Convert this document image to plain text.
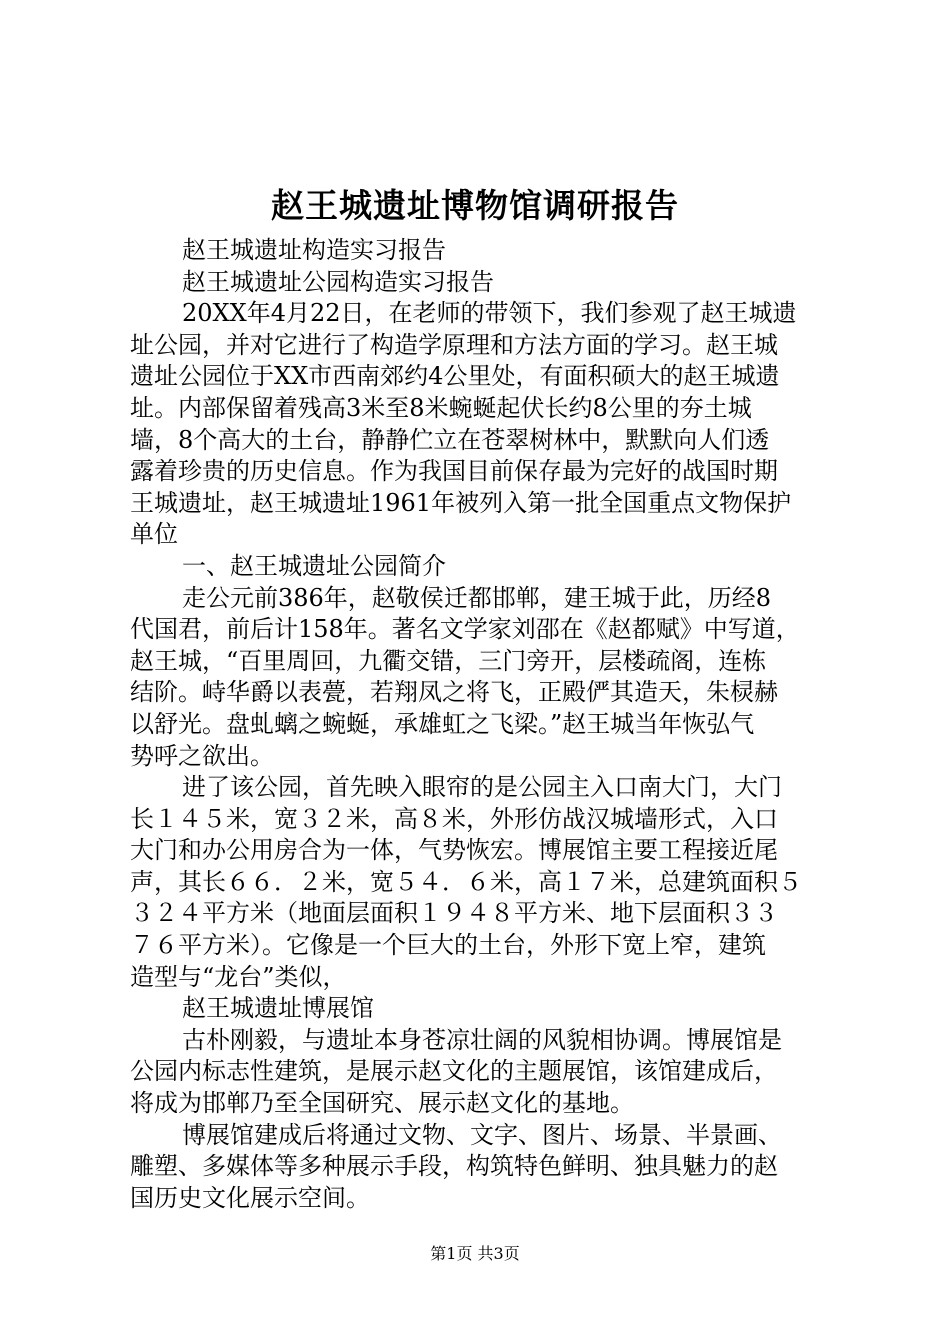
赵王城遗址博物馆调研报告
赵王城遗址构造实习报告
赵王城遗址公园构造实习报告
20XX年4月22日，在老师的带领下，我们参观了赵王城遗
址公园，并对它进行了构造学原理和方法方面的学习。赵王城
遗址公园位于XX市西南郊约4公里处，有面积硕大的赵王城遗
址。内部保留着残高3米至8米蜿蜒起伏长约8公里的夯土城
墙，8个高大的土台，静静伫立在苍翠树林中，默默向人们透
露着珍贵的历史信息。作为我国目前保存最为完好的战国时期
王城遗址，赵王城遗址1961年被列入第一批全国重点文物保护
单位
一、赵王城遗址公园简介
走公元前386年，赵敬侯迁都邯郸，建王城于此，历经8
代国君，前后计158年。著名文学家刘邵在《赵都赋》中写道，
赵王城，“百里周回，九衢交错，三门旁开，层楼疏阁，连栋
结阶。峙华爵以表甍，若翔凤之将飞，正殿俨其造天，朱棂赫
以舒光。盘虬螭之蜿蜒，承雄虹之飞梁。”赵王城当年恢弘气
势呼之欲出。
进了该公园，首先映入眼帘的是公园主入口南大门，大门
长１４５米，宽３２米，高８米，外形仿战汉城墙形式，入口
大门和办公用房合为一体，气势恢宏。博展馆主要工程接近尾
声，其长６６．２米，宽５４．６米，高１７米，总建筑面积５
３２４平方米（地面层面积１９４８平方米、地下层面积３３
７６平方米）。它像是一个巨大的土台，外形下宽上窄，建筑
造型与“龙台”类似，
赵王城遗址博展馆
古朴刚毅，与遗址本身苍凉壮阔的风貌相协调。博展馆是
公园内标志性建筑，是展示赵文化的主题展馆，该馆建成后，
将成为邯郸乃至全国研究、展示赵文化的基地。
博展馆建成后将通过文物、文字、图片、场景、半景画、
雕塑、多媒体等多种展示手段，构筑特色鲜明、独具魅力的赵
国历史文化展示空间。
第1页 共3页
